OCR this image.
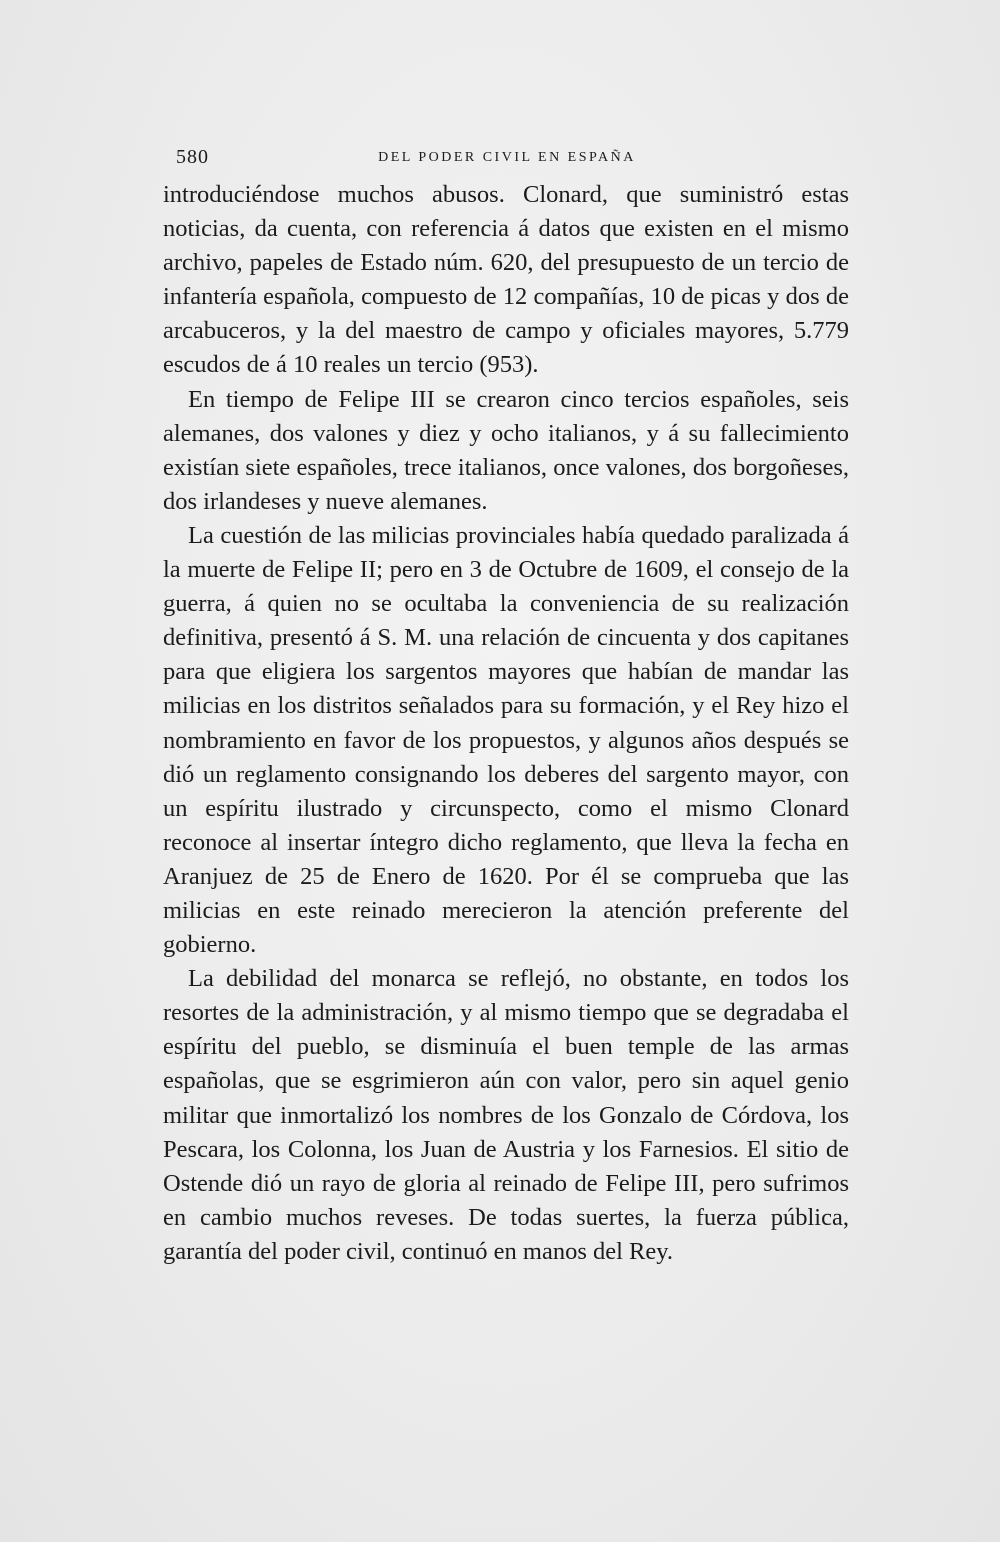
580	DEL PODER CIVIL EN ESPAÑA

introduciéndose muchos abusos. Clonard, que suministró estas noticias, da cuenta, con referencia á datos que existen en el mismo archivo, papeles de Estado núm. 620, del presupuesto de un tercio de infantería española, compuesto de 12 compañías, 10 de picas y dos de arcabuceros, y la del maestro de campo y oficiales mayores, 5.779 escudos de á 10 reales un tercio (953).

En tiempo de Felipe III se crearon cinco tercios españoles, seis alemanes, dos valones y diez y ocho italianos, y á su fallecimiento existían siete españoles, trece italianos, once valones, dos borgoñeses, dos irlandeses y nueve alemanes.

La cuestión de las milicias provinciales había quedado paralizada á la muerte de Felipe II; pero en 3 de Octubre de 1609, el consejo de la guerra, á quien no se ocultaba la conveniencia de su realización definitiva, presentó á S. M. una relación de cincuenta y dos capitanes para que eligiera los sargentos mayores que habían de mandar las milicias en los distritos señalados para su formación, y el Rey hizo el nombramiento en favor de los propuestos, y algunos años después se dió un reglamento consignando los deberes del sargento mayor, con un espíritu ilustrado y circunspecto, como el mismo Clonard reconoce al insertar íntegro dicho reglamento, que lleva la fecha en Aranjuez de 25 de Enero de 1620. Por él se comprueba que las milicias en este reinado merecieron la atención preferente del gobierno.

La debilidad del monarca se reflejó, no obstante, en todos los resortes de la administración, y al mismo tiempo que se degradaba el espíritu del pueblo, se disminuía el buen temple de las armas españolas, que se esgrimieron aún con valor, pero sin aquel genio militar que inmortalizó los nombres de los Gonzalo de Córdova, los Pescara, los Colonna, los Juan de Austria y los Farnesios. El sitio de Ostende dió un rayo de gloria al reinado de Felipe III, pero sufrimos en cambio muchos reveses. De todas suertes, la fuerza pública, garantía del poder civil, continuó en manos del Rey.
